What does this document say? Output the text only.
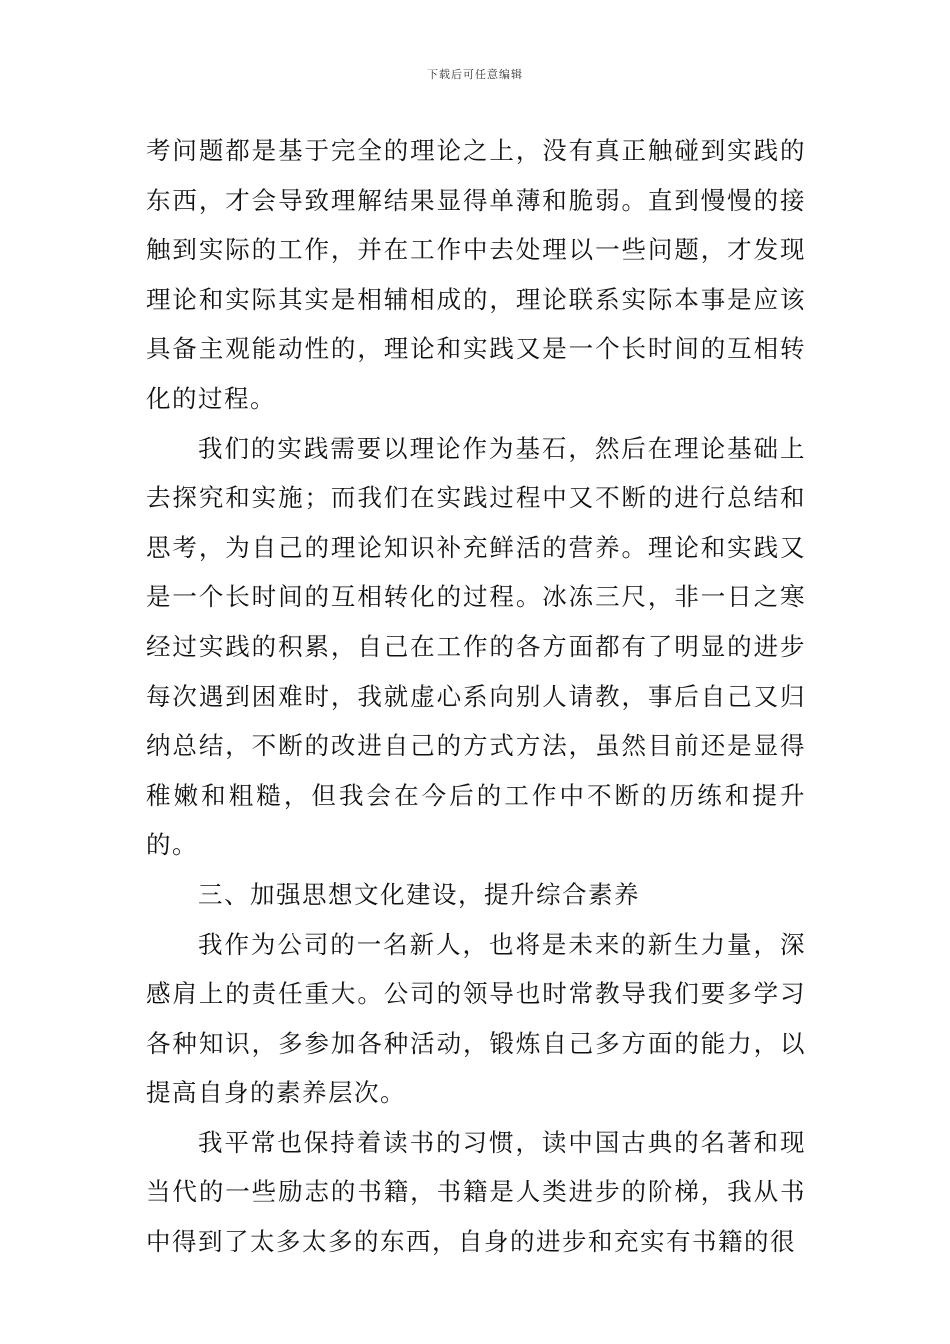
下载后可任意编辑

考问题都是基于完全的理论之上，没有真正触碰到实践的东西，才会导致理解结果显得单薄和脆弱。直到慢慢的接触到实际的工作，并在工作中去处理以一些问题，才发现理论和实际其实是相辅相成的，理论联系实际本事是应该具备主观能动性的，理论和实践又是一个长时间的互相转化的过程。

我们的实践需要以理论作为基石，然后在理论基础上去探究和实施；而我们在实践过程中又不断的进行总结和思考，为自己的理论知识补充鲜活的营养。理论和实践又是一个长时间的互相转化的过程。冰冻三尺，非一日之寒经过实践的积累，自己在工作的各方面都有了明显的进步每次遇到困难时，我就虚心系向别人请教，事后自己又归纳总结，不断的改进自己的方式方法，虽然目前还是显得稚嫩和粗糙，但我会在今后的工作中不断的历练和提升的。

三、加强思想文化建设，提升综合素养

我作为公司的一名新人，也将是未来的新生力量，深感肩上的责任重大。公司的领导也时常教导我们要多学习各种知识，多参加各种活动，锻炼自己多方面的能力，以提高自身的素养层次。

我平常也保持着读书的习惯，读中国古典的名著和现当代的一些励志的书籍，书籍是人类进步的阶梯，我从书中得到了太多太多的东西，自身的进步和充实有书籍的很
